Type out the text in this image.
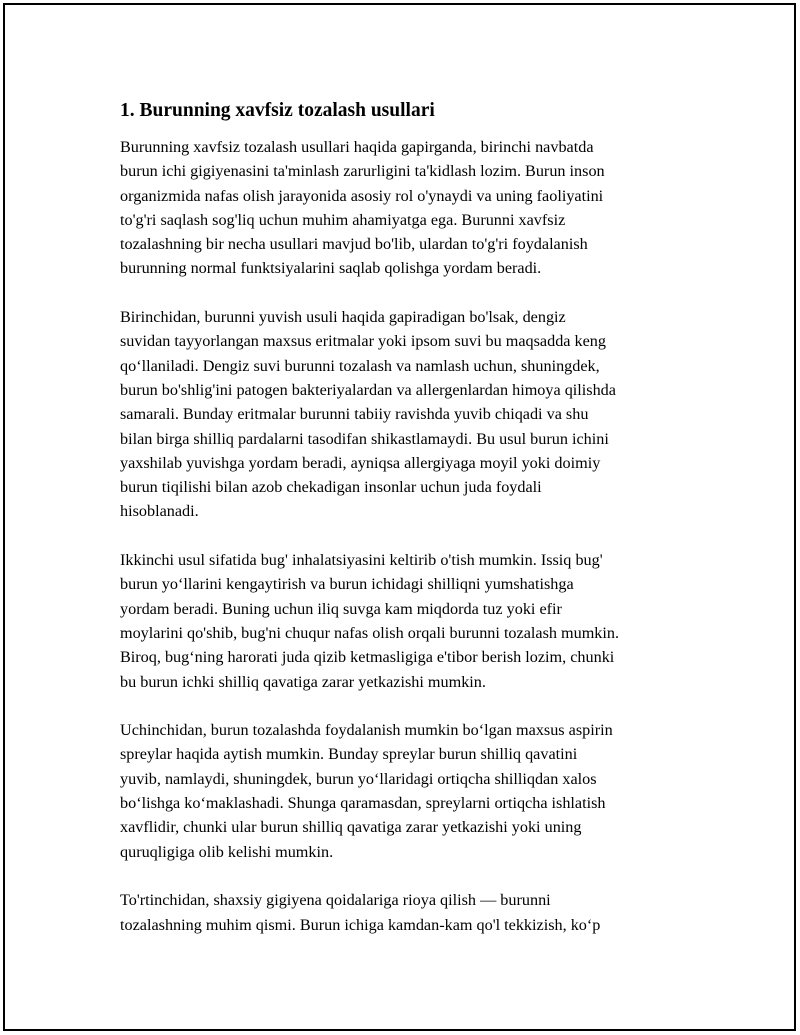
1. Burunning xavfsiz tozalash usullari

Burunning xavfsiz tozalash usullari haqida gapirganda, birinchi navbatda
burun ichi gigiyenasini ta'minlash zarurligini ta'kidlash lozim. Burun inson
organizmida nafas olish jarayonida asosiy rol o'ynaydi va uning faoliyatini
to'g'ri saqlash sog'liq uchun muhim ahamiyatga ega. Burunni xavfsiz
tozalashning bir necha usullari mavjud bo'lib, ulardan to'g'ri foydalanish
burunning normal funktsiyalarini saqlab qolishga yordam beradi.

Birinchidan, burunni yuvish usuli haqida gapiradigan bo'lsak, dengiz
suvidan tayyorlangan maxsus eritmalar yoki ipsom suvi bu maqsadda keng
qo‘llaniladi. Dengiz suvi burunni tozalash va namlash uchun, shuningdek,
burun bo'shlig'ini patogen bakteriyalardan va allergenlardan himoya qilishda
samarali. Bunday eritmalar burunni tabiiy ravishda yuvib chiqadi va shu
bilan birga shilliq pardalarni tasodifan shikastlamaydi. Bu usul burun ichini
yaxshilab yuvishga yordam beradi, ayniqsa allergiyaga moyil yoki doimiy
burun tiqilishi bilan azob chekadigan insonlar uchun juda foydali
hisoblanadi.

Ikkinchi usul sifatida bug' inhalatsiyasini keltirib o'tish mumkin. Issiq bug'
burun yo‘llarini kengaytirish va burun ichidagi shilliqni yumshatishga
yordam beradi. Buning uchun iliq suvga kam miqdorda tuz yoki efir
moylarini qo'shib, bug'ni chuqur nafas olish orqali burunni tozalash mumkin.
Biroq, bug‘ning harorati juda qizib ketmasligiga e'tibor berish lozim, chunki
bu burun ichki shilliq qavatiga zarar yetkazishi mumkin.

Uchinchidan, burun tozalashda foydalanish mumkin bo‘lgan maxsus aspirin
spreylar haqida aytish mumkin. Bunday spreylar burun shilliq qavatini
yuvib, namlaydi, shuningdek, burun yo‘llaridagi ortiqcha shilliqdan xalos
bo‘lishga ko‘maklashadi. Shunga qaramasdan, spreylarni ortiqcha ishlatish
xavflidir, chunki ular burun shilliq qavatiga zarar yetkazishi yoki uning
quruqligiga olib kelishi mumkin.

To'rtinchidan, shaxsiy gigiyena qoidalariga rioya qilish — burunni
tozalashning muhim qismi. Burun ichiga kamdan-kam qo'l tekkizish, ko‘p
